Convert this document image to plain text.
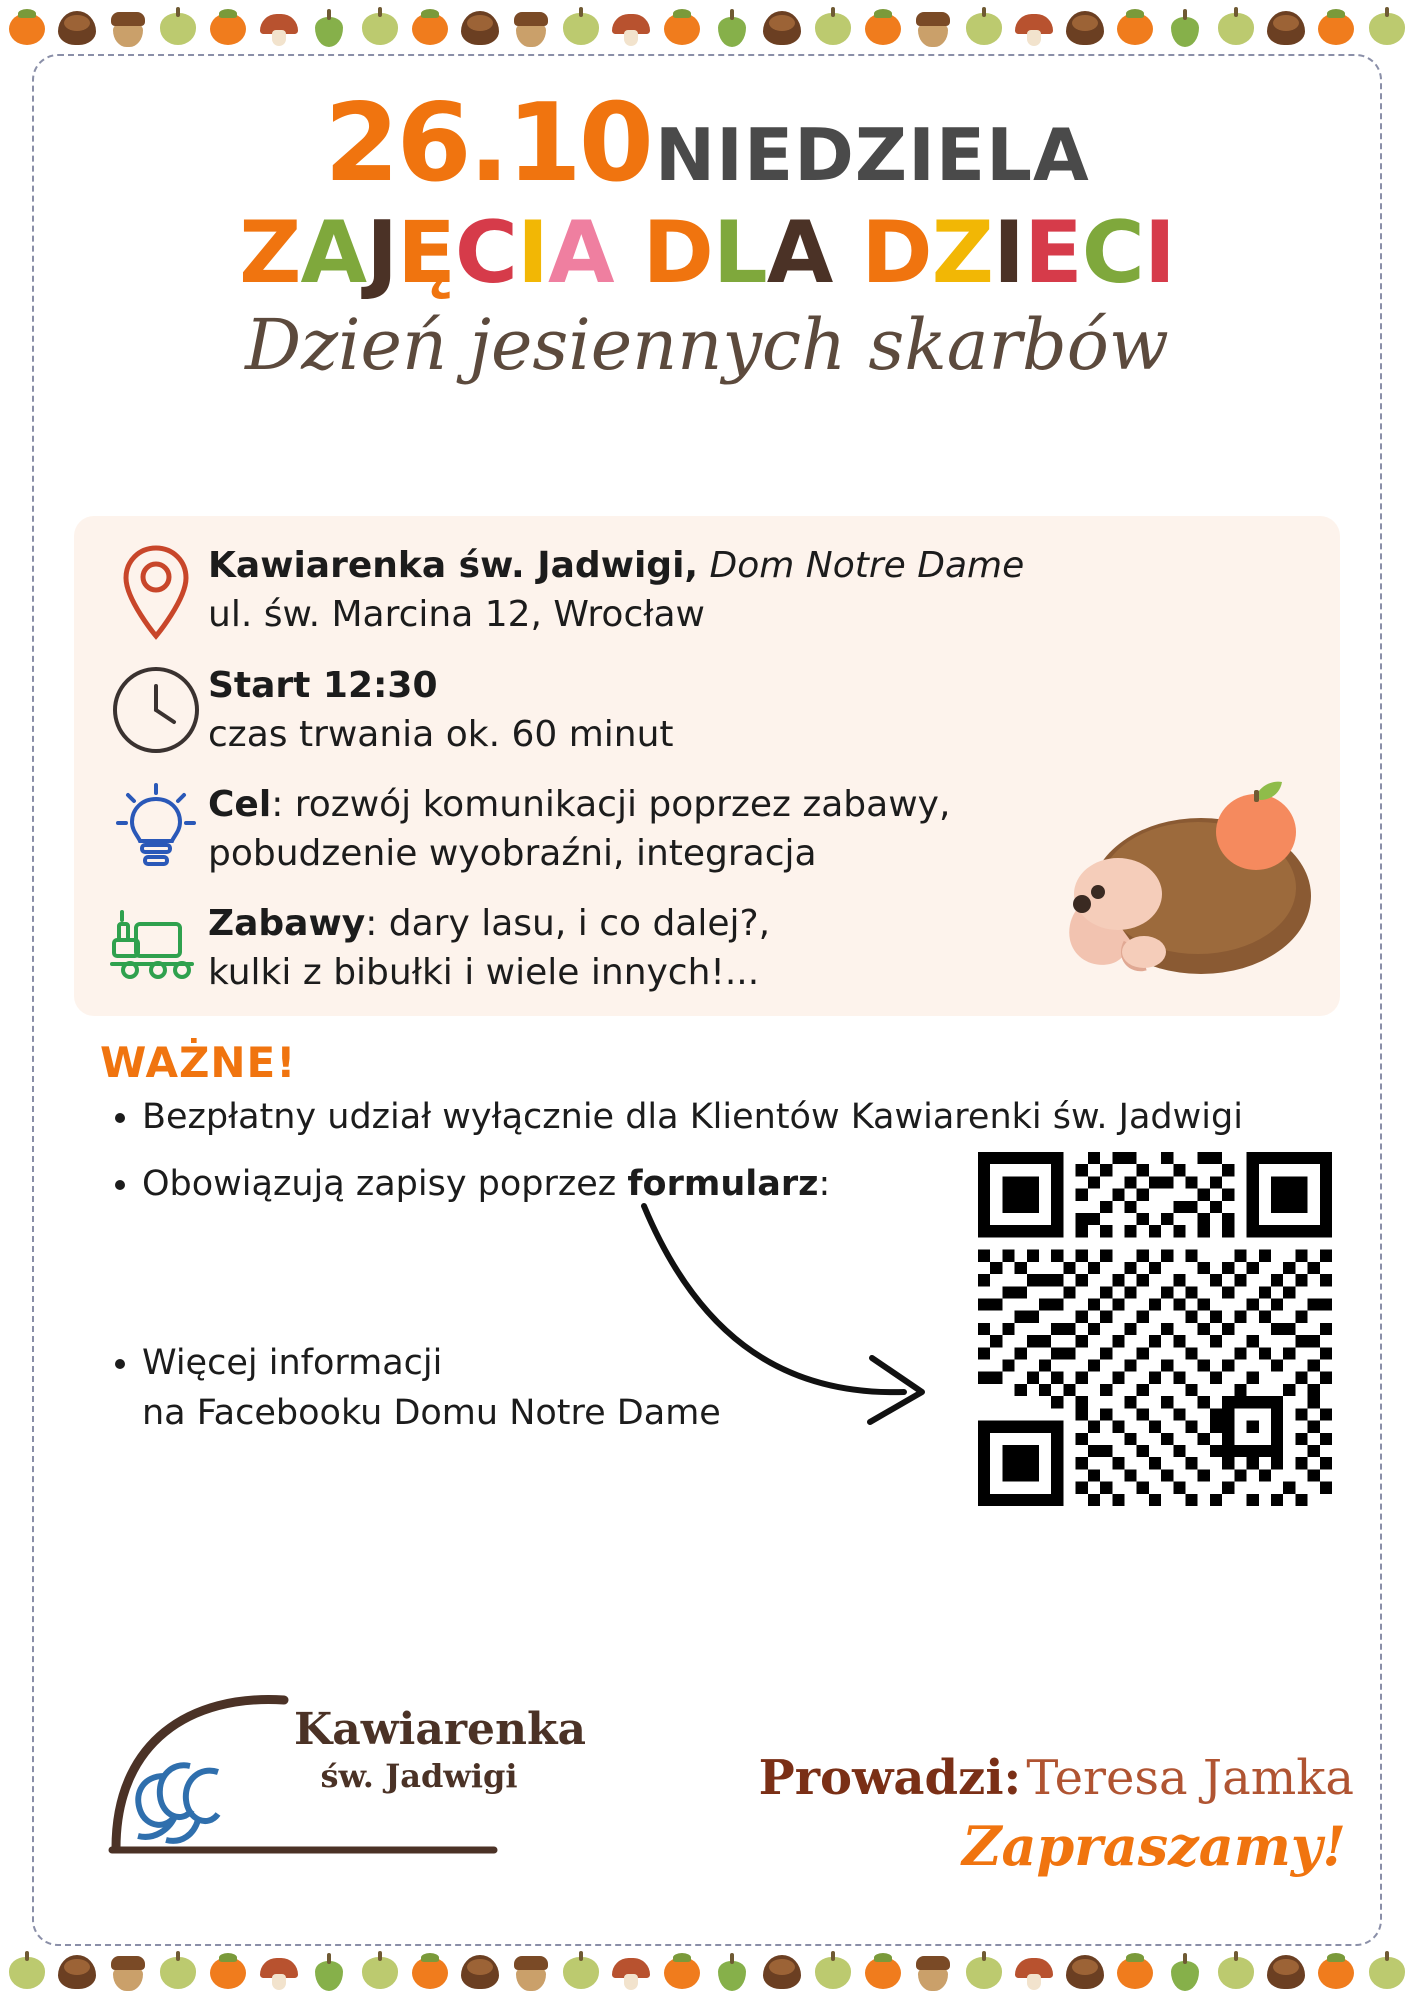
26.10 NIEDZIELA
ZAJĘCIA DLA DZIECI
Dzień jesiennych skarbów
Kawiarenka św. Jadwigi, Dom Notre Dame
ul. św. Marcina 12, Wrocław
Start 12:30
czas trwania ok. 60 minut
Cel: rozwój komunikacji poprzez zabawy,
pobudzenie wyobraźni, integracja
Zabawy: dary lasu, i co dalej?,
kulki z bibułki i wiele innych!...
WAŻNE!
• Bezpłatny udział wyłącznie dla Klientów Kawiarenki św. Jadwigi
• Obowiązują zapisy poprzez formularz:
• Więcej informacji
na Facebooku Domu Notre Dame
Kawiarenka
św. Jadwigi	Prowadzi: Teresa Jamka
Zapraszamy!
